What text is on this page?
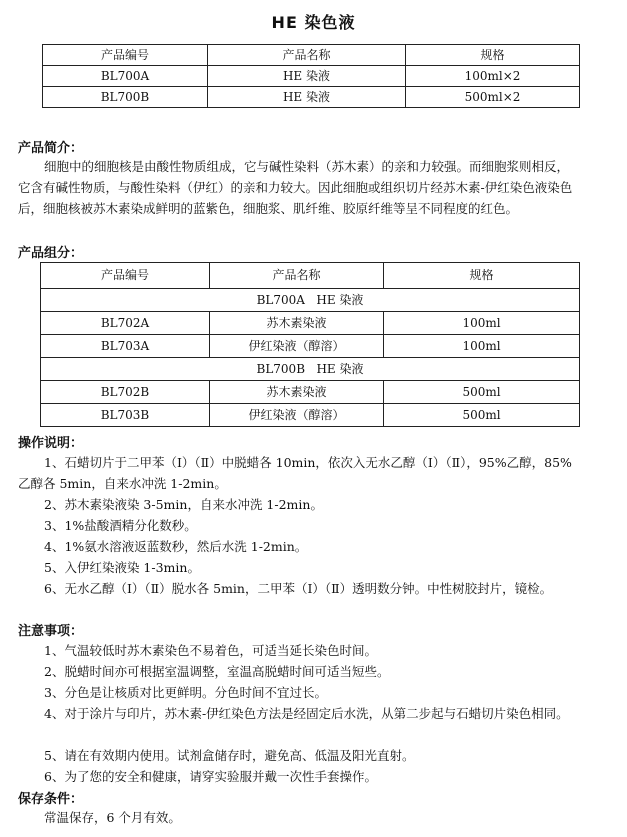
HE 染色液
产品编号	产品名称	规格
BL700A	HE 染液	100ml×2
BL700B	HE 染液	500ml×2
产品简介：
细胞中的细胞核是由酸性物质组成，它与碱性染料（苏木素）的亲和力较强。而细胞浆则相反，它含有碱性物质，与酸性染料（伊红）的亲和力较大。因此细胞或组织切片经苏木素-伊红染色液染色后，细胞核被苏木素染成鲜明的蓝紫色，细胞浆、肌纤维、胶原纤维等呈不同程度的红色。
产品组分：
产品编号	产品名称	规格
BL700A   HE 染液		
BL702A	苏木素染液	100ml
BL703A	伊红染液（醇溶）	100ml
BL700B   HE 染液		
BL702B	苏木素染液	500ml
BL703B	伊红染液（醇溶）	500ml
操作说明：
1、石蜡切片于二甲苯（Ⅰ）（Ⅱ）中脱蜡各 10min，依次入无水乙醇（Ⅰ）（Ⅱ），95%乙醇，85%乙醇各 5min，自来水冲洗 1-2min。
2、苏木素染液染 3-5min，自来水冲洗 1-2min。
3、1%盐酸酒精分化数秒。
4、1%氨水溶液返蓝数秒，然后水洗 1-2min。
5、入伊红染液染 1-3min。
6、无水乙醇（Ⅰ）（Ⅱ）脱水各 5min，二甲苯（Ⅰ）（Ⅱ）透明数分钟。中性树胶封片，镜检。
注意事项：
1、气温较低时苏木素染色不易着色，可适当延长染色时间。
2、脱蜡时间亦可根据室温调整，室温高脱蜡时间可适当短些。
3、分色是让核质对比更鲜明。分色时间不宜过长。
4、对于涂片与印片，苏木素-伊红染色方法是经固定后水洗，从第二步起与石蜡切片染色相同。
5、请在有效期内使用。试剂盒储存时，避免高、低温及阳光直射。
6、为了您的安全和健康，请穿实验服并戴一次性手套操作。
保存条件：
常温保存，6 个月有效。
